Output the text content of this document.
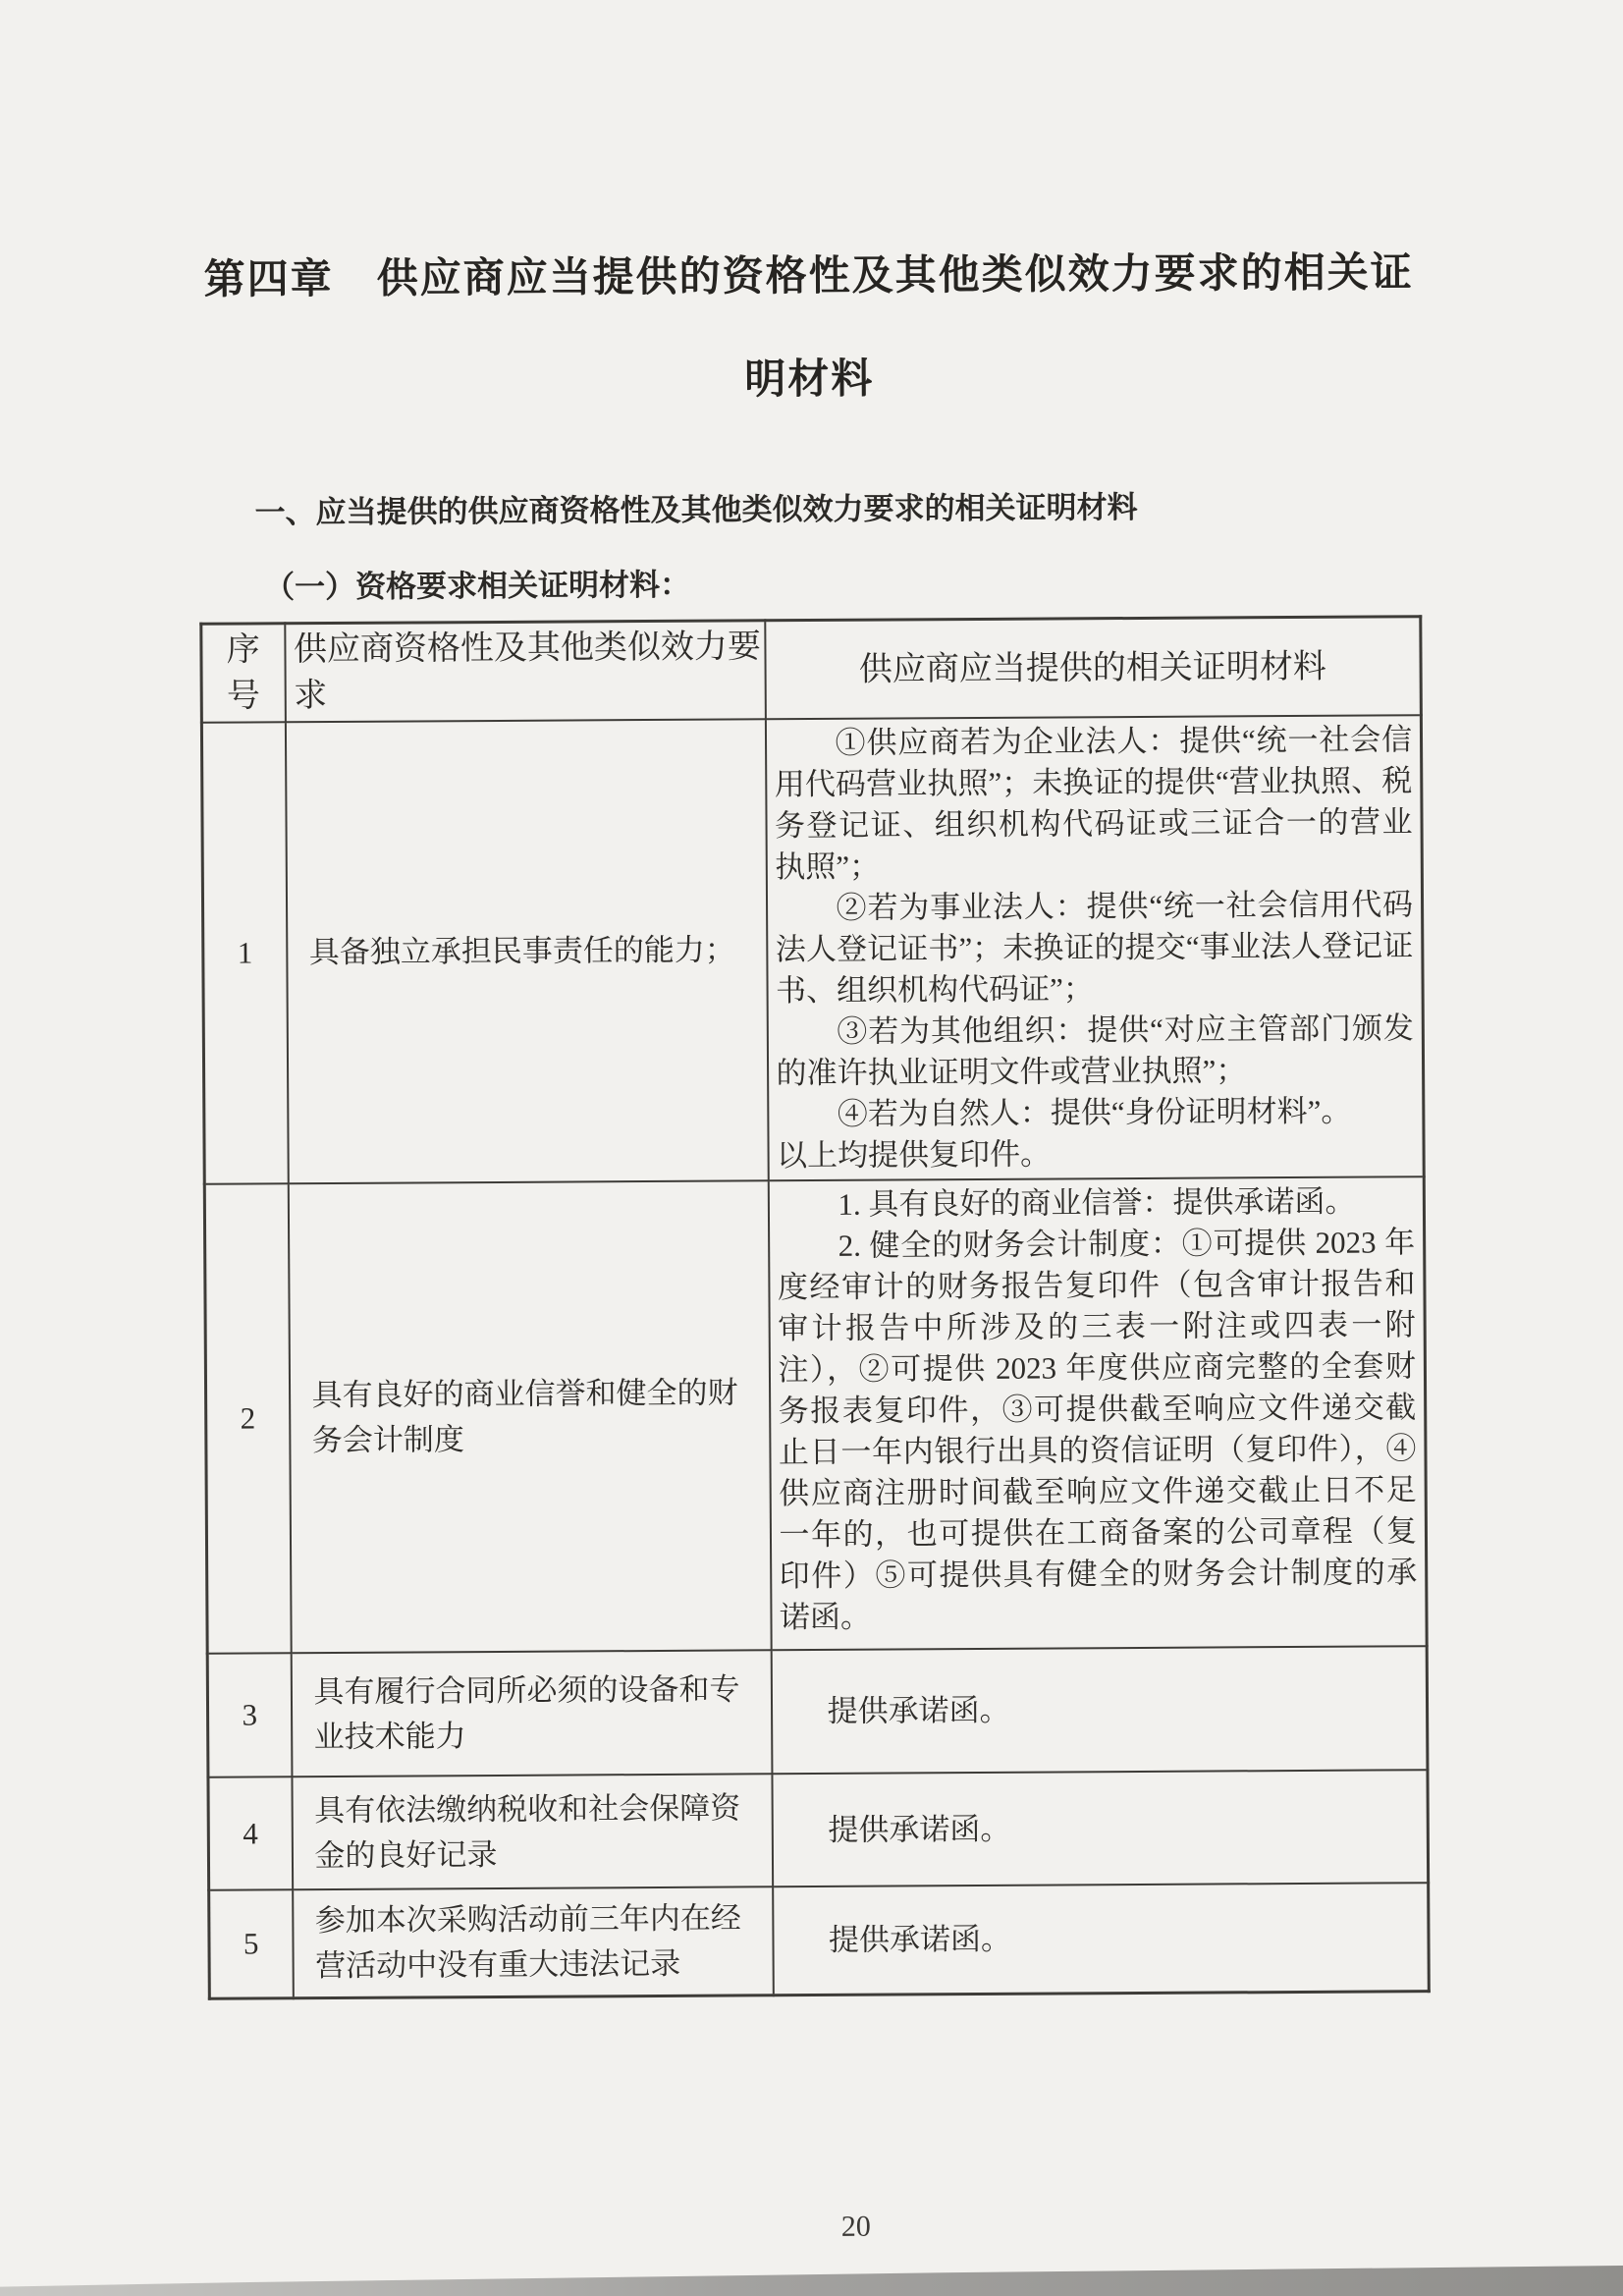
第四章　供应商应当提供的资格性及其他类似效力要求的相关证
明材料

一、应当提供的供应商资格性及其他类似效力要求的相关证明材料

（一）资格要求相关证明材料：

序号	供应商资格性及其他类似效力要求	供应商应当提供的相关证明材料
1	具备独立承担民事责任的能力；	①供应商若为企业法人：提供“统一社会信用代码营业执照”；未换证的提供“营业执照、税务登记证、组织机构代码证或三证合一的营业执照”；

②若为事业法人：提供“统一社会信用代码法人登记证书”；未换证的提交“事业法人登记证书、组织机构代码证”；

③若为其他组织：提供“对应主管部门颁发的准许执业证明文件或营业执照”；

④若为自然人：提供“身份证明材料”。

以上均提供复印件。

2	具有良好的商业信誉和健全的财务会计制度	1. 具有良好的商业信誉：提供承诺函。

2. 健全的财务会计制度：①可提供 2023 年度经审计的财务报告复印件（包含审计报告和审计报告中所涉及的三表一附注或四表一附注），②可提供 2023 年度供应商完整的全套财务报表复印件，③可提供截至响应文件递交截止日一年内银行出具的资信证明（复印件），④供应商注册时间截至响应文件递交截止日不足一年的，也可提供在工商备案的公司章程（复印件）⑤可提供具有健全的财务会计制度的承诺函。

3	具有履行合同所必须的设备和专业技术能力	提供承诺函。

4	具有依法缴纳税收和社会保障资金的良好记录	提供承诺函。

5	参加本次采购活动前三年内在经营活动中没有重大违法记录	提供承诺函。

20
